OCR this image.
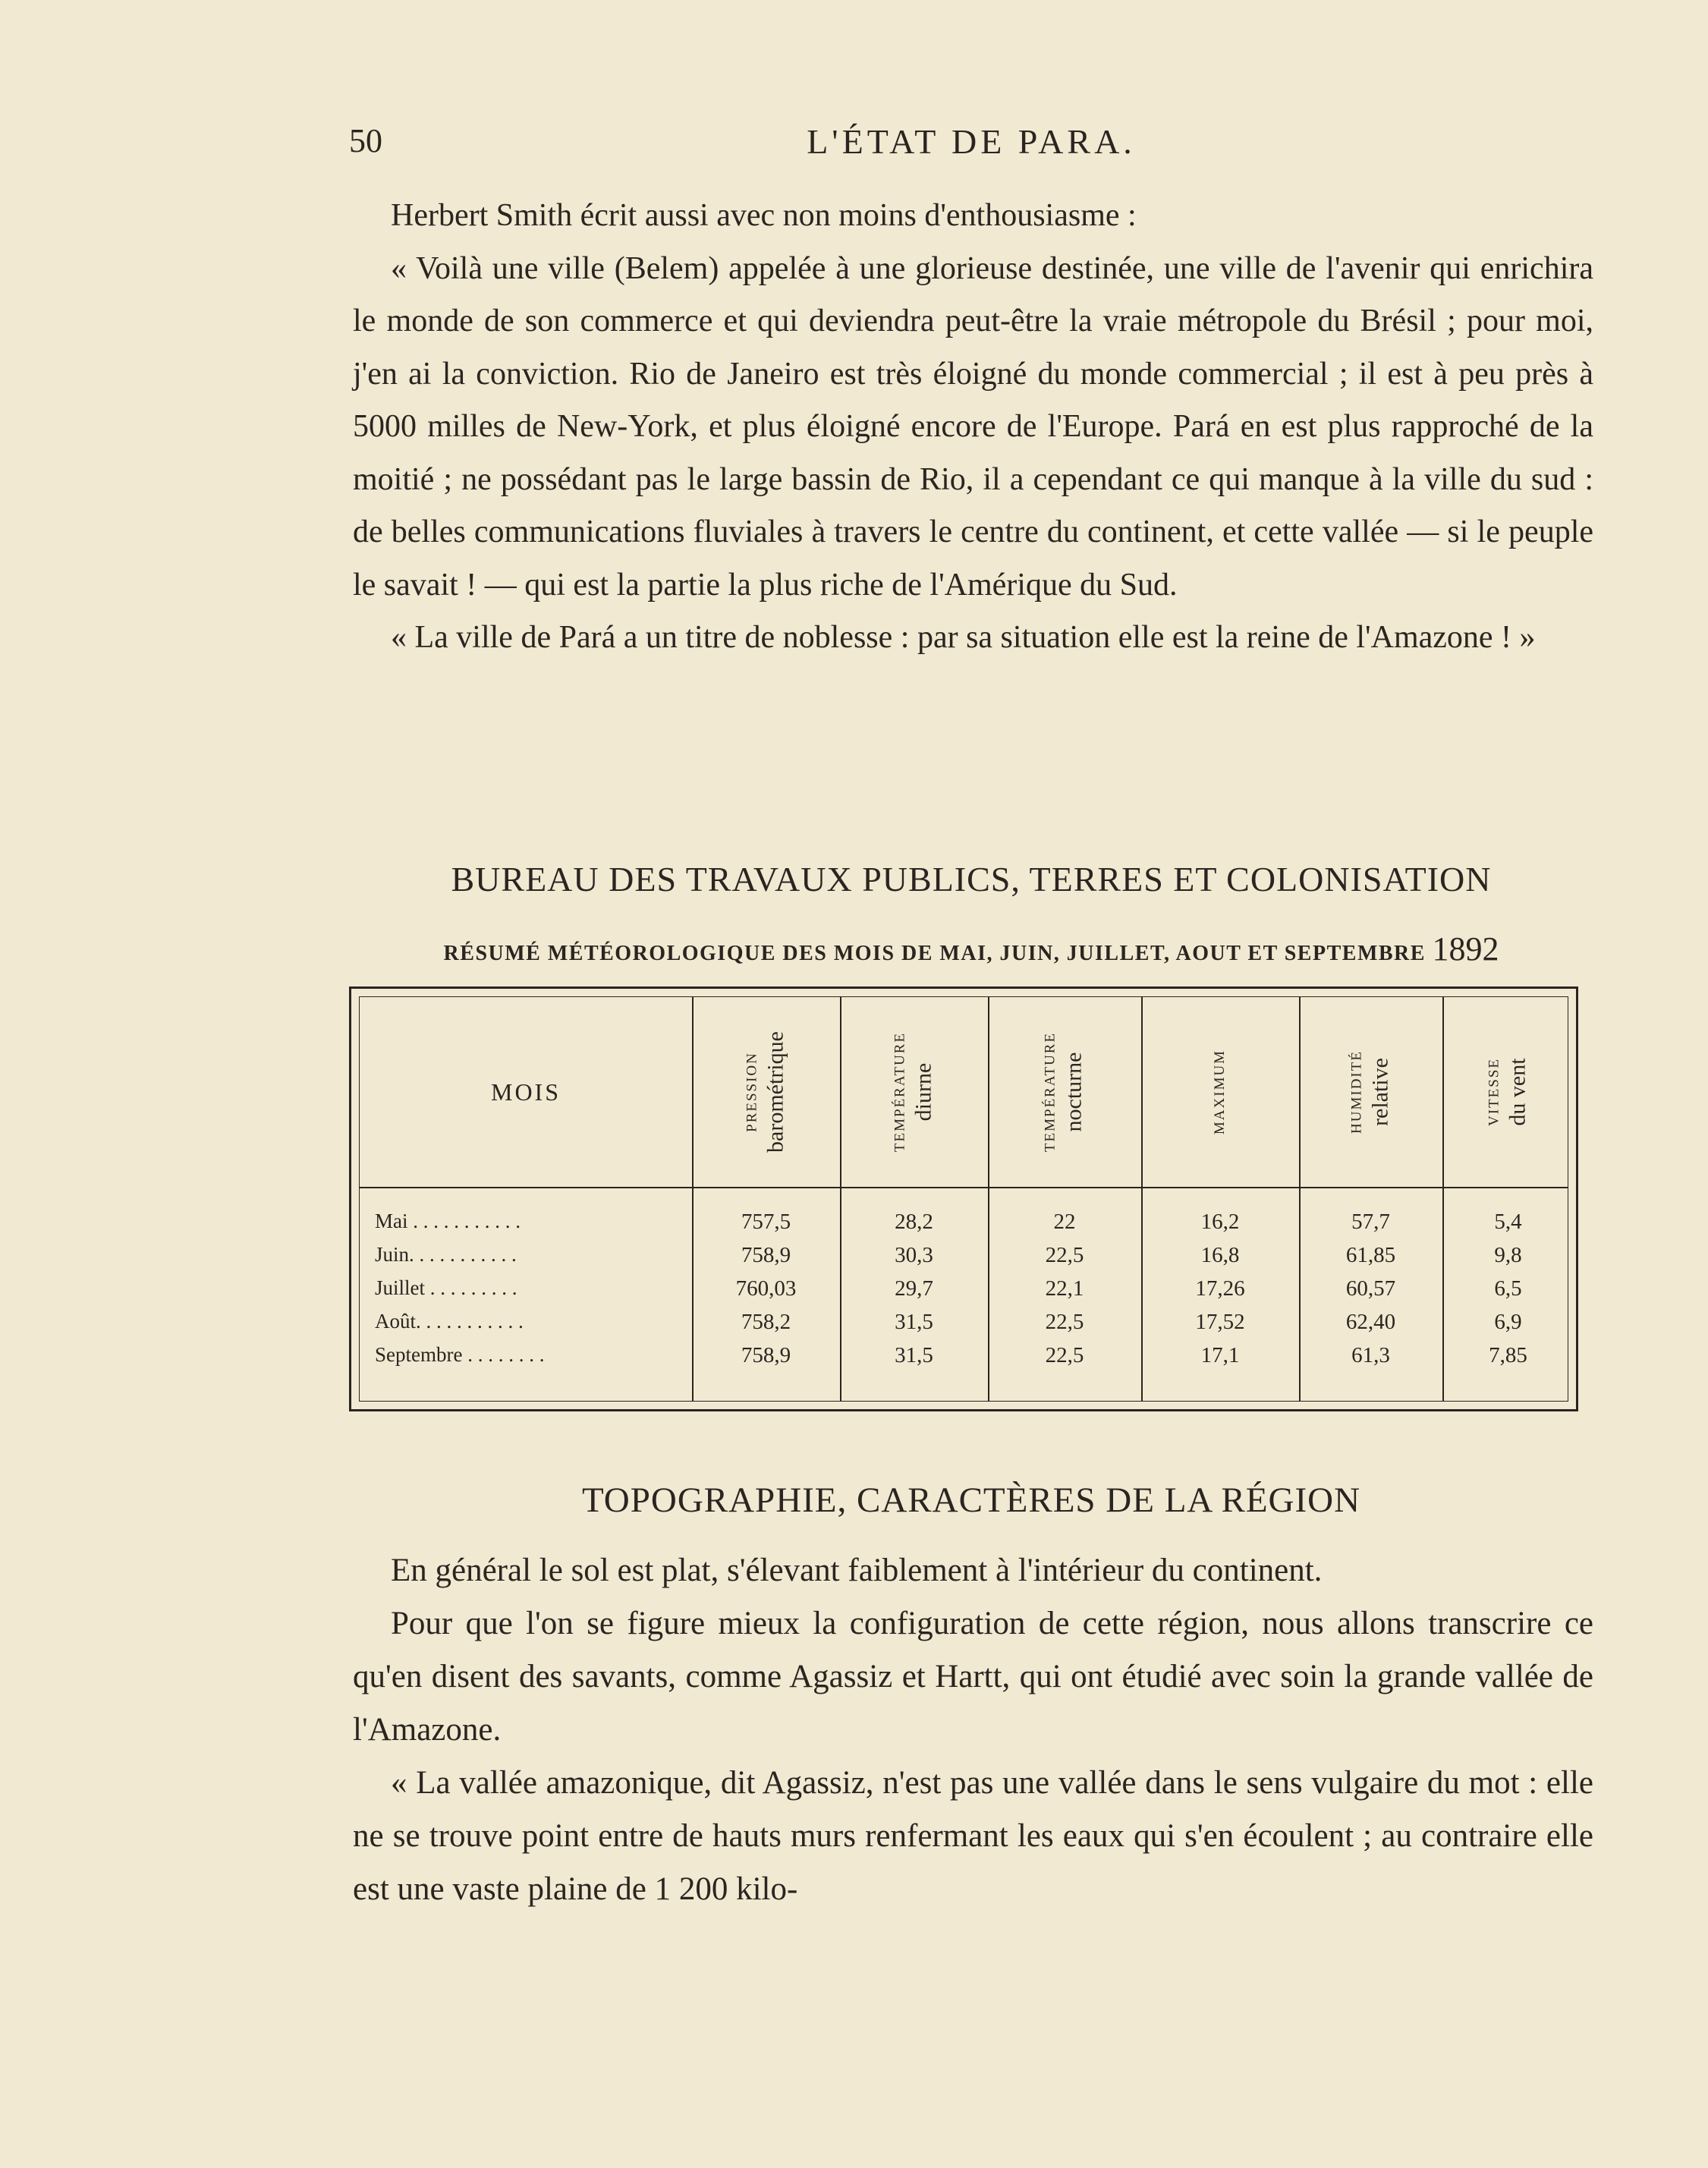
50	L'ÉTAT DE PARA.

Herbert Smith écrit aussi avec non moins d'enthousiasme :

« Voilà une ville (Belem) appelée à une glorieuse destinée, une ville de l'avenir qui enrichira le monde de son commerce et qui deviendra peut-être la vraie métropole du Brésil ; pour moi, j'en ai la conviction. Rio de Janeiro est très éloigné du monde commercial ; il est à peu près à 5000 milles de New-York, et plus éloigné encore de l'Europe. Pará en est plus rapproché de la moitié ; ne possédant pas le large bassin de Rio, il a cependant ce qui manque à la ville du sud : de belles communications fluviales à travers le centre du continent, et cette vallée — si le peuple le savait ! — qui est la partie la plus riche de l'Amérique du Sud.

« La ville de Pará a un titre de noblesse : par sa situation elle est la reine de l'Amazone ! »

BUREAU DES TRAVAUX PUBLICS, TERRES ET COLONISATION
RÉSUMÉ MÉTÉOROLOGIQUE DES MOIS DE MAI, JUIN, JUILLET, AOUT ET SEPTEMBRE 1892
MOIS	PRESSION barométrique	TEMPÉRATURE diurne	TEMPÉRATURE nocturne	MAXIMUM	HUMIDITÉ relative	VITESSE du vent
Mai . . . . . . . . . . .	757,5	28,2	22	16,2	57,7	5,4
Juin. . . . . . . . . . .	758,9	30,3	22,5	16,8	61,85	9,8
Juillet . . . . . . . . .	760,03	29,7	22,1	17,26	60,57	6,5
Août. . . . . . . . . . .	758,2	31,5	22,5	17,52	62,40	6,9
Septembre . . . . . . . .	758,9	31,5	22,5	17,1	61,3	7,85
TOPOGRAPHIE, CARACTÈRES DE LA RÉGION

En général le sol est plat, s'élevant faiblement à l'intérieur du continent.

Pour que l'on se figure mieux la configuration de cette région, nous allons transcrire ce qu'en disent des savants, comme Agassiz et Hartt, qui ont étudié avec soin la grande vallée de l'Amazone.

« La vallée amazonique, dit Agassiz, n'est pas une vallée dans le sens vulgaire du mot : elle ne se trouve point entre de hauts murs renfermant les eaux qui s'en écoulent ; au contraire elle est une vaste plaine de 1 200 kilo-
